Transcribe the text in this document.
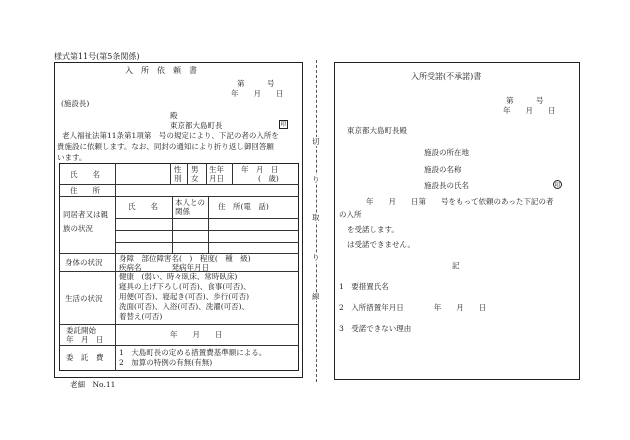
様式第11号(第5条関係)
入　所　依　頼　書
第　　　号
年　　月　　日
(施設長)
殿
東京都大島町長	印
老人福祉法第11条第1項第　号の規定により、下記の者の入所を
貴施設に依頼します。なお、同封の通知により折り返し御回答願
います。
氏　　名
性別
男女
生年月日
年　月　日
(　歳)
住　　所
同居者又は親族の状況
氏　　名 本人との関係
住　所(電　話)
身体の状況 身障　部位障害名(　)　程度(　種　級)
疾病名　　　　発病年月日
生活の状況
健康　(弱い、時々臥床、常時臥床)
寝具の上げ下ろし(可否)、食事(可否)、
用便(可否)、寝起き(可否)、歩行(可否)
洗面(可否)、入浴(可否)、洗濯(可否)、
着替え(可否)
委託開始
年　月　日
年　　月　　日
委　託　費
1　大島町長の定める措置費基準額による。
2　加算の特例の有無(有無)
老細　No.11
切
り
取
り
線
入所受諾(不承諾)書
第　　　号
年　　月　　日
東京都大島町長殿
施設の所在地
施設の名称
施設長の氏名	印
年　　月　　日第　　号をもって依頼のあった下記の者
の入所
を受諾します。
は受諾できません。
記
1　要措置氏名
2　入所措置年月日　　　　年　　月　　日
3　受諾できない理由
